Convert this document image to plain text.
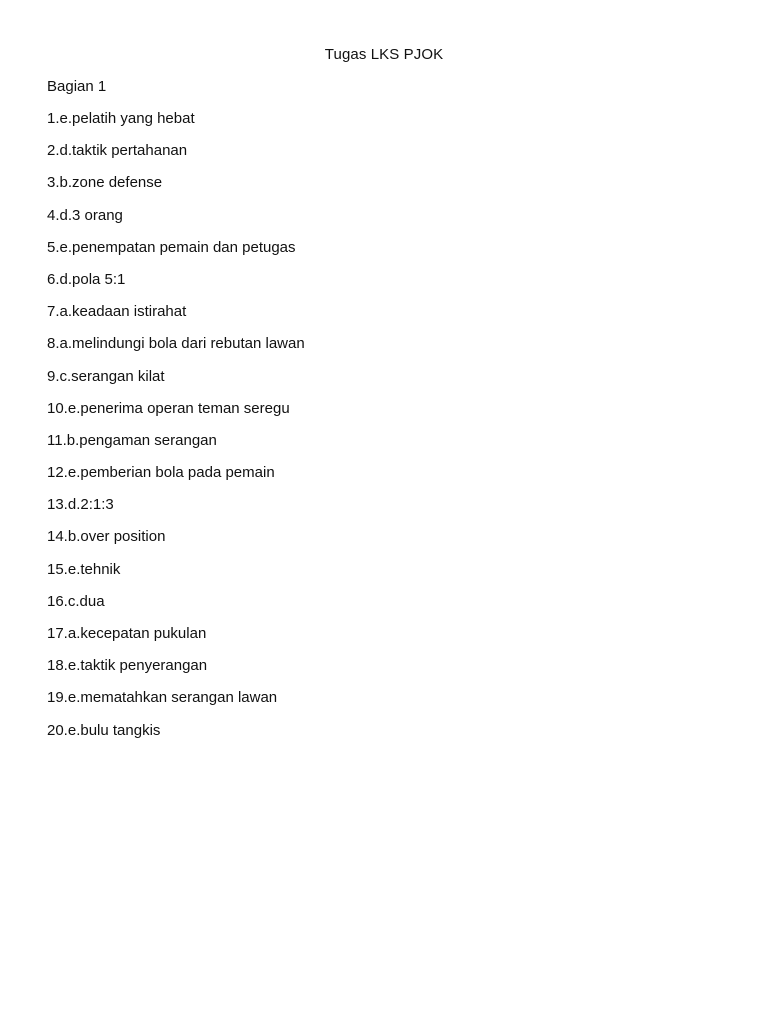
Tugas LKS PJOK
Bagian 1
1.e.pelatih yang hebat
2.d.taktik pertahanan
3.b.zone defense
4.d.3 orang
5.e.penempatan pemain dan petugas
6.d.pola 5:1
7.a.keadaan istirahat
8.a.melindungi bola dari rebutan lawan
9.c.serangan kilat
10.e.penerima operan teman seregu
11.b.pengaman serangan
12.e.pemberian bola pada pemain
13.d.2:1:3
14.b.over position
15.e.tehnik
16.c.dua
17.a.kecepatan pukulan
18.e.taktik penyerangan
19.e.mematahkan serangan lawan
20.e.bulu tangkis
